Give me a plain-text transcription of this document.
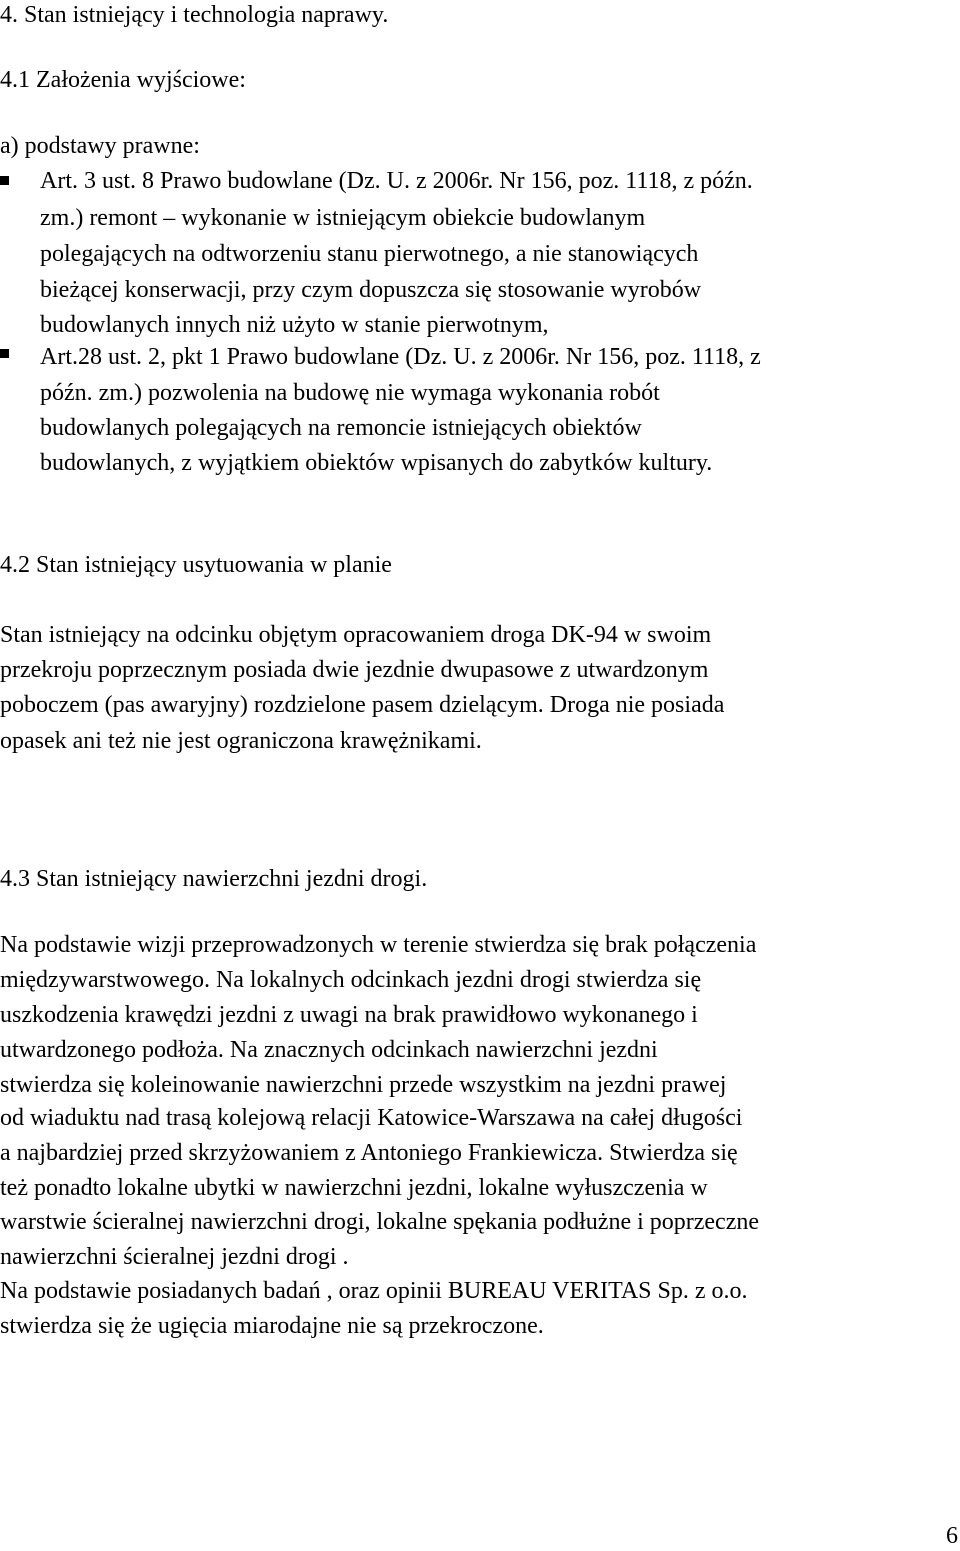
4. Stan istniejący i technologia naprawy.
4.1 Założenia wyjściowe:
a) podstawy prawne:
Art. 3 ust. 8 Prawo budowlane (Dz. U. z 2006r. Nr 156, poz. 1118, z późn.
zm.) remont – wykonanie w istniejącym obiekcie budowlanym
polegających na odtworzeniu stanu pierwotnego, a nie stanowiących
bieżącej konserwacji, przy czym dopuszcza się stosowanie wyrobów
budowlanych innych niż użyto w stanie pierwotnym,
Art.28 ust. 2, pkt 1 Prawo budowlane (Dz. U. z 2006r. Nr 156, poz. 1118, z
późn. zm.) pozwolenia na budowę nie wymaga wykonania robót
budowlanych polegających na remoncie istniejących obiektów
budowlanych, z wyjątkiem obiektów wpisanych do zabytków kultury.
4.2 Stan istniejący usytuowania w planie
Stan istniejący na odcinku objętym opracowaniem droga DK-94 w swoim
przekroju poprzecznym posiada dwie jezdnie dwupasowe z utwardzonym
poboczem (pas awaryjny) rozdzielone pasem dzielącym. Droga nie posiada
opasek ani też nie jest ograniczona krawężnikami.
4.3 Stan istniejący nawierzchni jezdni drogi.
Na podstawie wizji przeprowadzonych w terenie stwierdza się brak połączenia
międzywarstwowego. Na lokalnych odcinkach jezdni drogi stwierdza się
uszkodzenia krawędzi jezdni z uwagi na brak prawidłowo wykonanego i
utwardzonego podłoża. Na znacznych odcinkach nawierzchni jezdni
stwierdza się koleinowanie nawierzchni przede wszystkim na jezdni prawej
od wiaduktu nad trasą kolejową relacji Katowice-Warszawa na całej długości
a najbardziej przed skrzyżowaniem z Antoniego Frankiewicza. Stwierdza się
też ponadto lokalne ubytki w nawierzchni jezdni, lokalne wyłuszczenia w
warstwie ścieralnej nawierzchni drogi, lokalne spękania podłużne i poprzeczne
nawierzchni ścieralnej jezdni drogi .
Na podstawie posiadanych badań , oraz opinii BUREAU VERITAS Sp. z o.o.
stwierdza się że ugięcia miarodajne nie są przekroczone.
6
